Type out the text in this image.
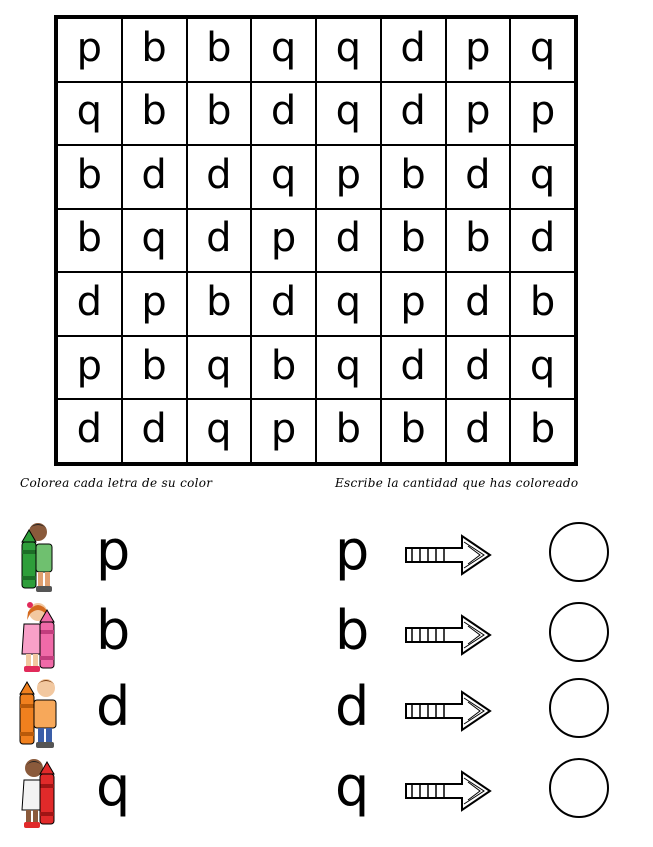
p b b q q d p q
q b b d q d p p
b d d q p b d q
b q d p d b b d
d p b d q p d b
p b q b q d d q
d d q p b b d b
Colorea cada letra de su color	Escribe la cantidad que has coloreado
p	p
b	b
d	d
q	q
